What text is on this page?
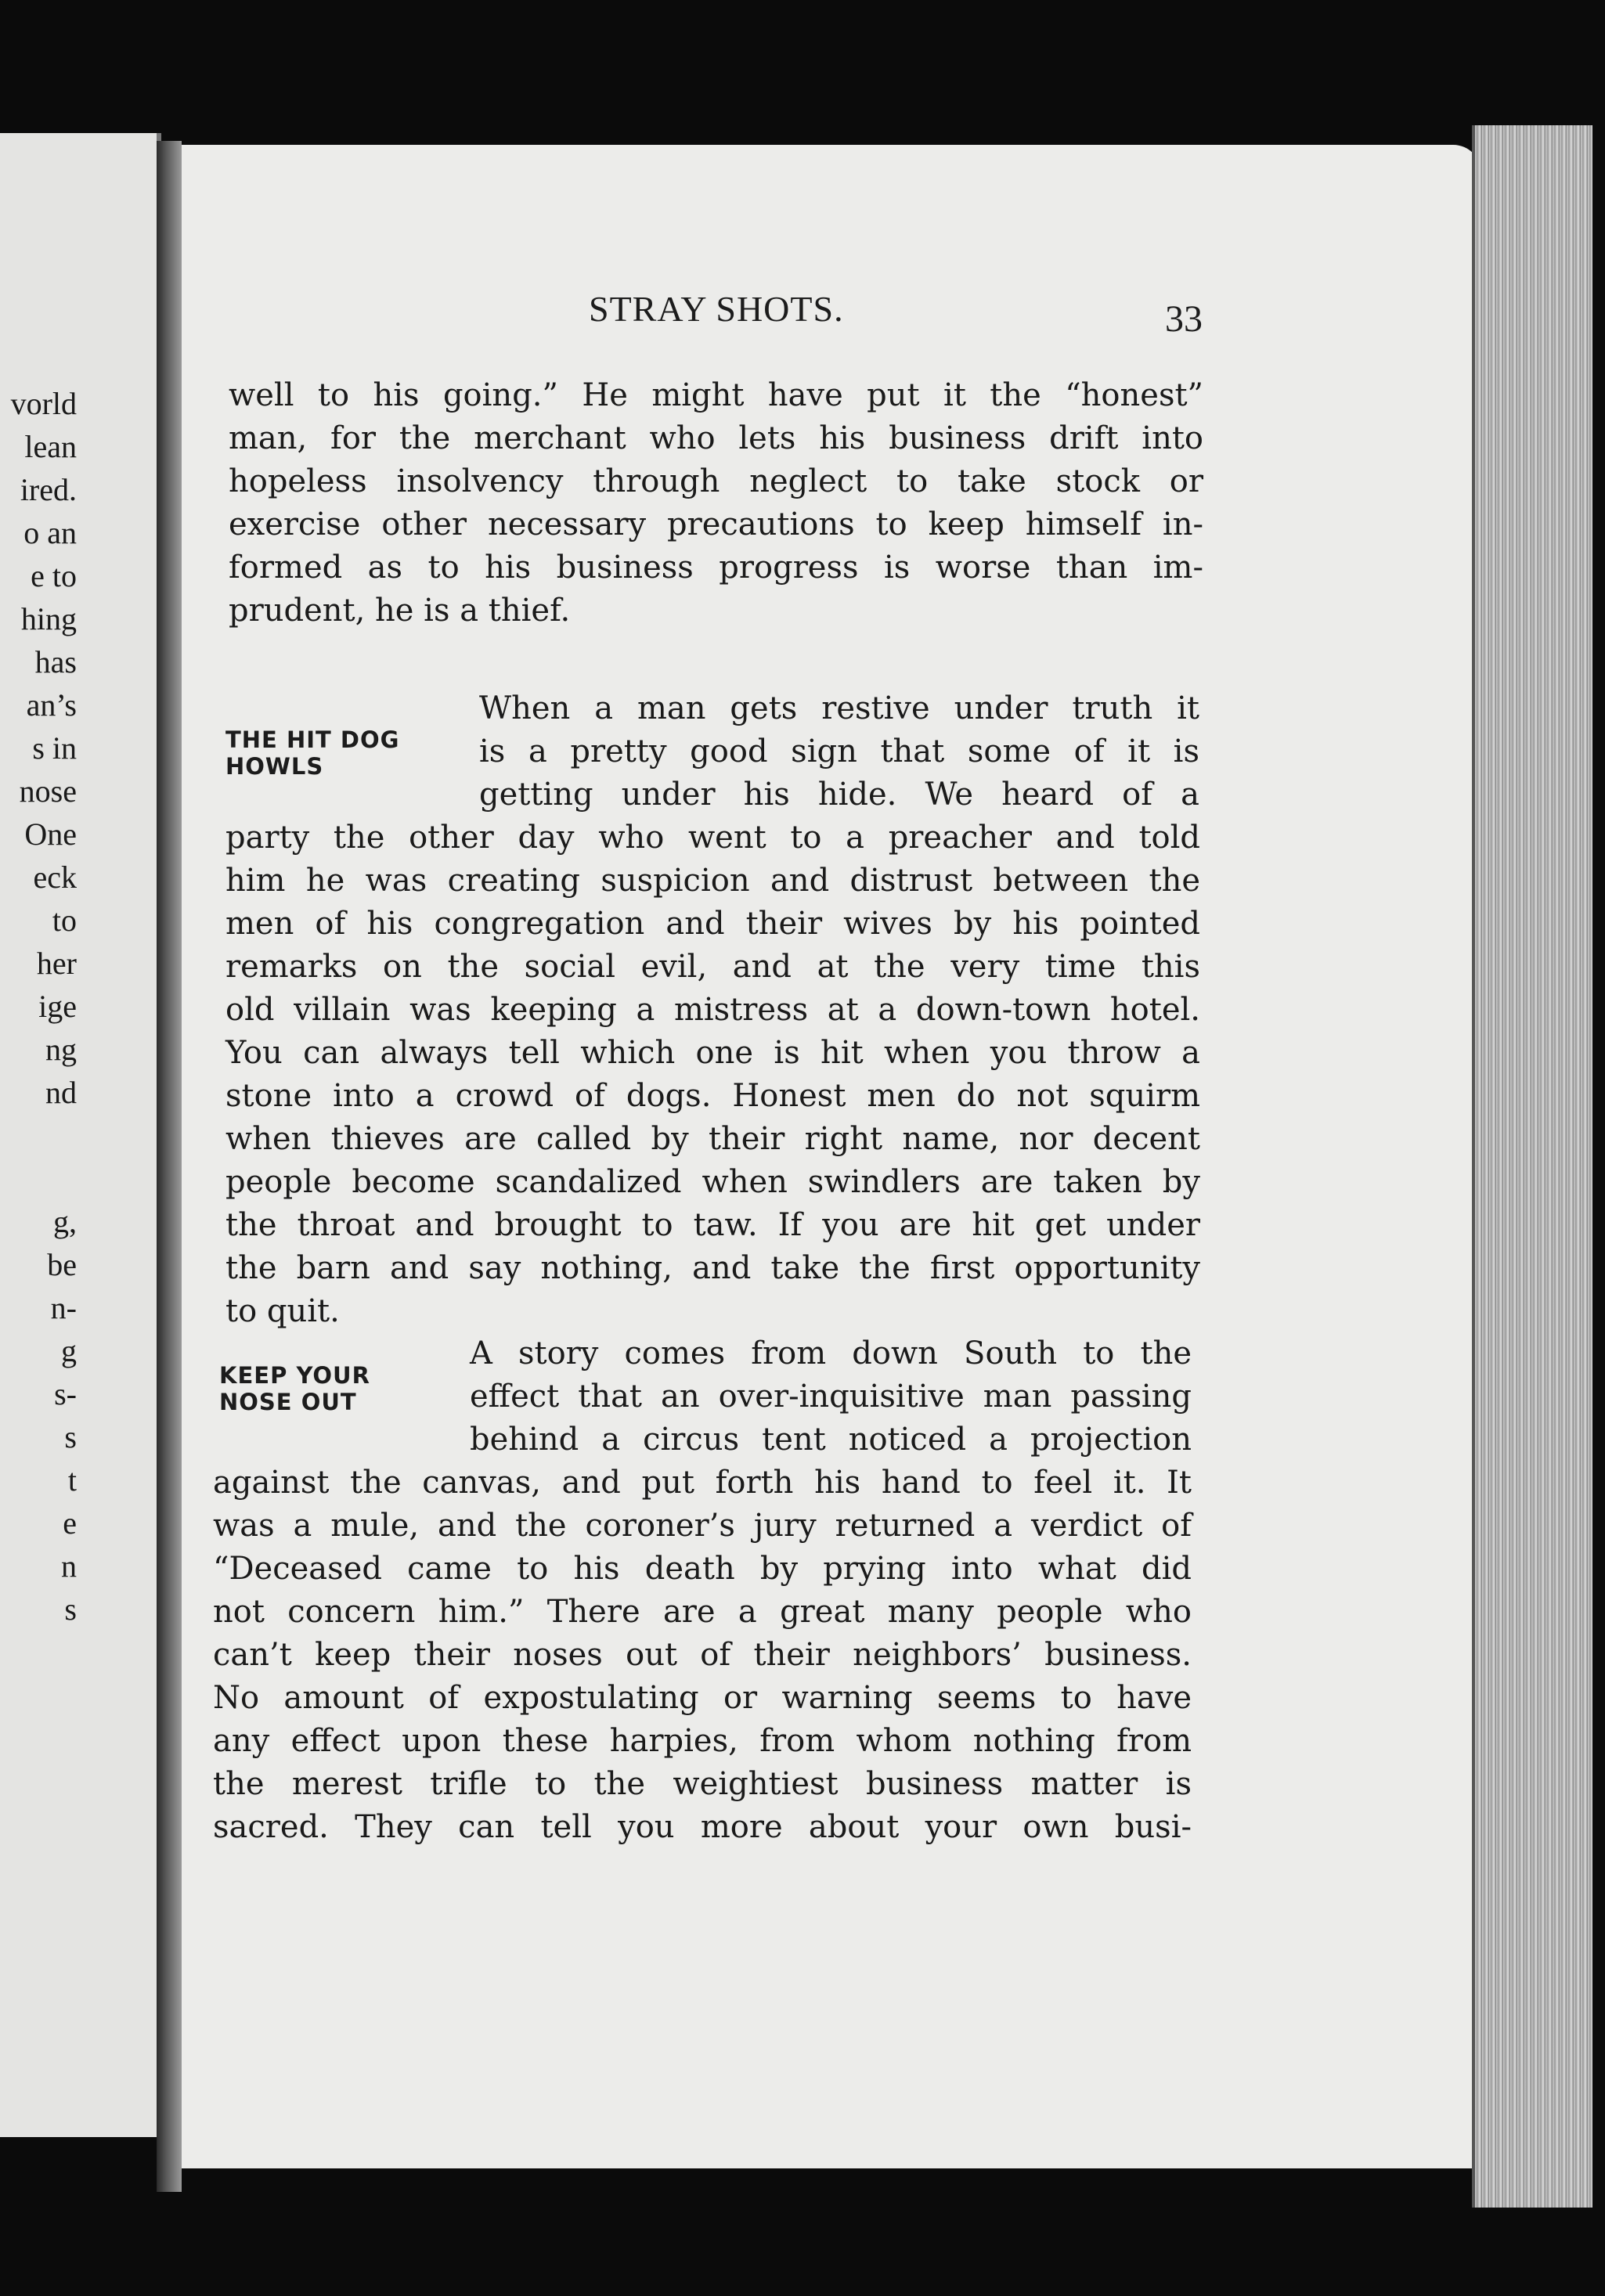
vorld
lean
ired.
o an
e to
hing
has
an’s
s in
nose
One
eck
to
her
ige
ng
nd
g,
be
n-
g
s-
s
t
e
n
s
STRAY SHOTS.	33
well to his going.” He might have put it the “honest”
man, for the merchant who lets his business drift into
hopeless insolvency through neglect to take stock or
exercise other necessary precautions to keep himself in-
formed as to his business progress is worse than im-
prudent, he is a thief.
THE HIT DOG
HOWLS
When a man gets restive under truth it
is a pretty good sign that some of it is
getting under his hide. We heard of a
party the other day who went to a preacher and told
him he was creating suspicion and distrust between the
men of his congregation and their wives by his pointed
remarks on the social evil, and at the very time this
old villain was keeping a mistress at a down-town hotel.
You can always tell which one is hit when you throw a
stone into a crowd of dogs. Honest men do not squirm
when thieves are called by their right name, nor decent
people become scandalized when swindlers are taken by
the throat and brought to taw. If you are hit get under
the barn and say nothing, and take the first opportunity
to quit.
KEEP YOUR
NOSE OUT
A story comes from down South to the
effect that an over-inquisitive man passing
behind a circus tent noticed a projection
against the canvas, and put forth his hand to feel it. It
was a mule, and the coroner’s jury returned a verdict of
“Deceased came to his death by prying into what did
not concern him.” There are a great many people who
can’t keep their noses out of their neighbors’ business.
No amount of expostulating or warning seems to have
any effect upon these harpies, from whom nothing from
the merest trifle to the weightiest business matter is
sacred. They can tell you more about your own busi-
